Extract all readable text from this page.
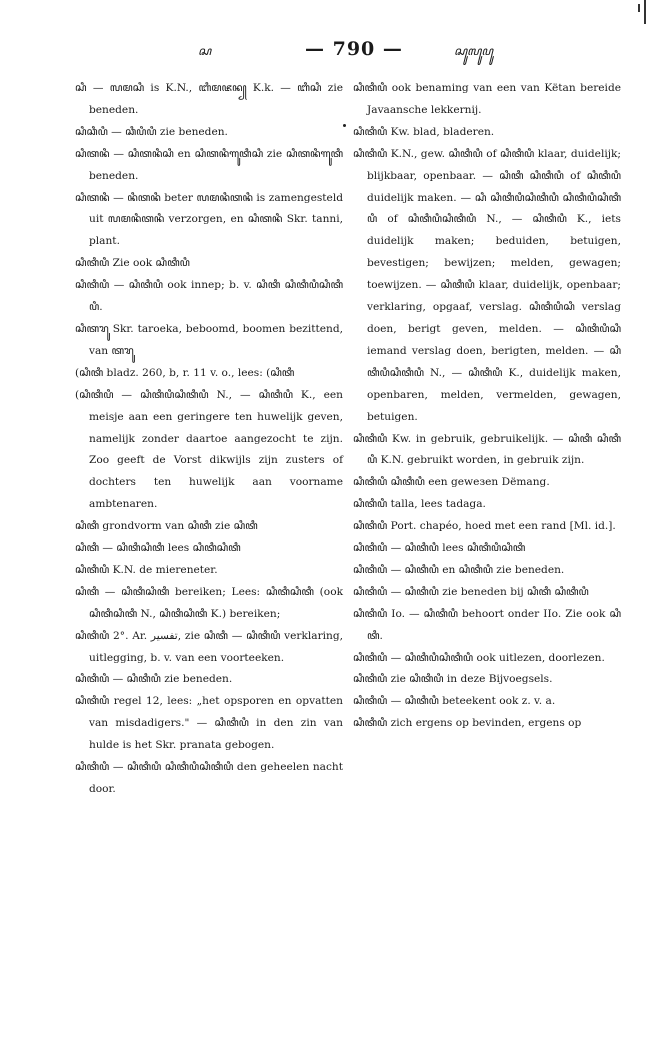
ꦱ	— 790 —	ꦱꦸꦭꦸꦥꦸ

ꦱꦶ — ꦭꦩꦱꦶ is K.N., ꦧꦶꦩꦗꦤ꧀ K.k. — ꦧꦶꦱꦶ zie beneden.

ꦱꦶꦕꦶꦥꦶ — ꦕꦶꦥꦶꦥꦶ zie beneden.

ꦱꦶꦠꦤꦶ — ꦱꦶꦠꦤꦶꦱꦶ en ꦱꦶꦠꦤꦶꦒꦸꦠꦶꦱꦶ zie ꦱꦶꦠꦤꦶꦒꦸꦠꦶ beneden.

ꦱꦶꦠꦤꦶ — ꦤꦶꦠꦤꦶ beter ꦭꦩꦤꦶꦠꦤꦶ is zamengesteld uit ꦭꦩꦤꦶꦠꦤꦶ verzorgen, en ꦱꦶꦠꦤꦶ Skr. tanni, plant.

ꦱꦶꦠꦶꦥꦶ Zie ook ꦱꦶꦠꦶꦥꦶ

ꦱꦶꦠꦶꦥꦶ — ꦱꦶꦠꦶꦥꦶ ook innep; b. v. ꦱꦶꦠꦶ ꦱꦶꦠꦶꦥꦶꦱꦶꦠꦶꦥꦶ.

ꦱꦶꦠꦫꦸ Skr. taroeka, beboomd, boomen bezittend, van ꦠꦫꦸ

(ꦱꦶꦠꦶ bladz. 260, b, r. 11 v. o., lees: (ꦱꦶꦠꦶ

(ꦱꦶꦠꦶꦥꦶ — ꦱꦶꦠꦶꦥꦶꦱꦶꦠꦶꦥꦶ N., — ꦱꦶꦠꦶꦥꦶ K., een meisje aan een geringere ten huwelijk geven, namelijk zonder daartoe aangezocht te zijn. Zoo geeft de Vorst dikwijls zijn zusters of dochters ten huwelijk aan voorname ambtenaren.

ꦱꦶꦠꦶ grondvorm van ꦱꦶꦠꦶ zie ꦱꦶꦠꦶ

ꦱꦶꦠꦶ — ꦱꦶꦠꦶꦱꦶꦠꦶ lees ꦱꦶꦠꦶꦱꦶꦠꦶ

ꦱꦶꦠꦶꦥꦶ K.N. de miereneter.

ꦱꦶꦠꦶ — ꦱꦶꦠꦶꦱꦶꦠꦶ bereiken; Lees: ꦱꦶꦠꦶꦱꦶꦠꦶ (ook ꦱꦶꦠꦶꦱꦶꦠꦶ N., ꦱꦶꦠꦶꦱꦶꦠꦶ K.) bereiken;

ꦱꦶꦠꦶꦥꦶ 2°. Ar. تفسير, zie ꦱꦶꦠꦶ — ꦱꦶꦠꦶꦥꦶ verklaring, uitlegging, b. v. van een voorteeken.

ꦱꦶꦠꦶꦥꦶ — ꦱꦶꦠꦶꦥꦶ zie beneden.

ꦱꦶꦠꦶꦥꦶ regel 12, lees: „het opsporen en opvatten van misdadigers." — ꦱꦶꦠꦶꦥꦶ in den zin van hulde is het Skr. pranata gebogen.

ꦱꦶꦠꦶꦥꦶ — ꦱꦶꦠꦶꦥꦶ ꦱꦶꦠꦶꦥꦶꦱꦶꦠꦶꦥꦶ den geheelen nacht door.

ꦱꦶꦠꦶꦥꦶ ook benaming van een van Këtan bereide Javaansche lekkernij.

ꦱꦶꦠꦶꦥꦶ Kw. blad, bladeren.

ꦱꦶꦠꦶꦥꦶ K.N., gew. ꦱꦶꦠꦶꦥꦶ of ꦱꦶꦠꦶꦥꦶ klaar, duidelijk; blijkbaar, openbaar. — ꦱꦶꦠꦶ ꦱꦶꦠꦶꦥꦶ of ꦱꦶꦠꦶꦥꦶ duidelijk maken. — ꦱꦶ ꦱꦶꦠꦶꦥꦶꦱꦶꦠꦶꦥꦶ ꦱꦶꦠꦶꦥꦶꦱꦶꦠꦶꦥꦶ of ꦱꦶꦠꦶꦥꦶꦱꦶꦠꦶꦥꦶ N., — ꦱꦶꦠꦶꦥꦶ K., iets duidelijk maken; beduiden, betuigen, bevestigen; bewijzen; melden, gewagen; toewijzen. — ꦱꦶꦠꦶꦥꦶ klaar, duidelijk, openbaar; verklaring, opgaaf, verslag. ꦱꦶꦠꦶꦥꦶꦱꦶ verslag doen, berigt geven, melden. — ꦱꦶꦠꦶꦥꦶꦱꦶ iemand verslag doen, berigten, melden. — ꦱꦶꦠꦶꦥꦶꦱꦶꦠꦶꦥꦶ N., — ꦱꦶꦠꦶꦥꦶ K., duidelijk maken, openbaren, melden, vermelden, gewagen, betuigen.

ꦱꦶꦠꦶꦥꦶ Kw. in gebruik, gebruikelijk. — ꦱꦶꦠꦶ ꦱꦶꦠꦶꦥꦶ K.N. gebruikt worden, in gebruik zijn.

ꦱꦶꦠꦶꦥꦶ ꦱꦶꦠꦶꦥꦶ een geweзen Dëmang.

ꦱꦶꦠꦶꦥꦶ talla, lees tadaga.

ꦱꦶꦠꦶꦥꦶ Port. chapéo, hoed met een rand [Ml. id.].

ꦱꦶꦠꦶꦥꦶ — ꦱꦶꦠꦶꦥꦶ lees ꦱꦶꦠꦶꦥꦶꦱꦶꦠꦶ

ꦱꦶꦠꦶꦥꦶ — ꦱꦶꦠꦶꦥꦶ en ꦱꦶꦠꦶꦥꦶ zie beneden.

ꦱꦶꦠꦶꦥꦶ — ꦱꦶꦠꦶꦥꦶ zie beneden bij ꦱꦶꦠꦶ ꦱꦶꦠꦶꦥꦶ

ꦱꦶꦠꦶꦥꦶ Io. — ꦱꦶꦠꦶꦥꦶ behoort onder IIo. Zie ook ꦱꦶꦠꦶ.

ꦱꦶꦠꦶꦥꦶ — ꦱꦶꦠꦶꦥꦶꦱꦶꦠꦶꦥꦶ ook uitlezen, doorlezen.

ꦱꦶꦠꦶꦥꦶ zie ꦱꦶꦠꦶꦥꦶ in deze Bijvoegsels.

ꦱꦶꦠꦶꦥꦶ — ꦱꦶꦠꦶꦥꦶ beteekent ook z. v. a.

ꦱꦶꦠꦶꦥꦶ zich ergens op bevinden, ergens op
